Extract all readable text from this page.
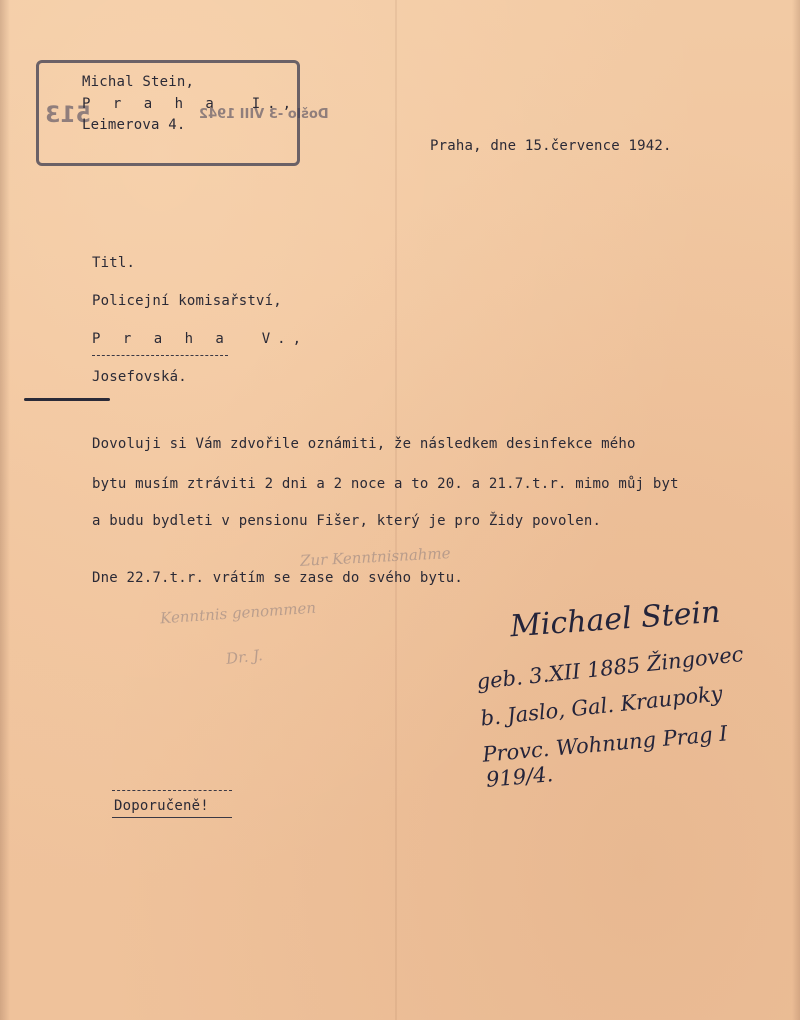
513	Došlo -3 VIII 1942
Michal Stein,
P r a h a  I.,
Leimerova 4.
Praha, dne 15.července 1942.
Titl.
Policejní komisařství,
P r a h a  V.,
Josefovská.
Dovoluji si Vám zdvořile oznámiti, že následkem desinfekce mého
bytu musím ztráviti 2 dni a 2 noce a to 20. a 21.7.t.r. mimo můj byt
a budu bydleti v pensionu Fišer, který je pro Židy povolen.
Dne 22.7.t.r. vrátím se zase do svého bytu.
Zur Kenntnisnahme
Kenntnis genommen
Dr. J.
Michael Stein
geb. 3.XII 1885 Žingovec
b. Jaslo, Gal. Kraupoky
Provc. Wohnung Prag I
919/4.
Doporučeně!
